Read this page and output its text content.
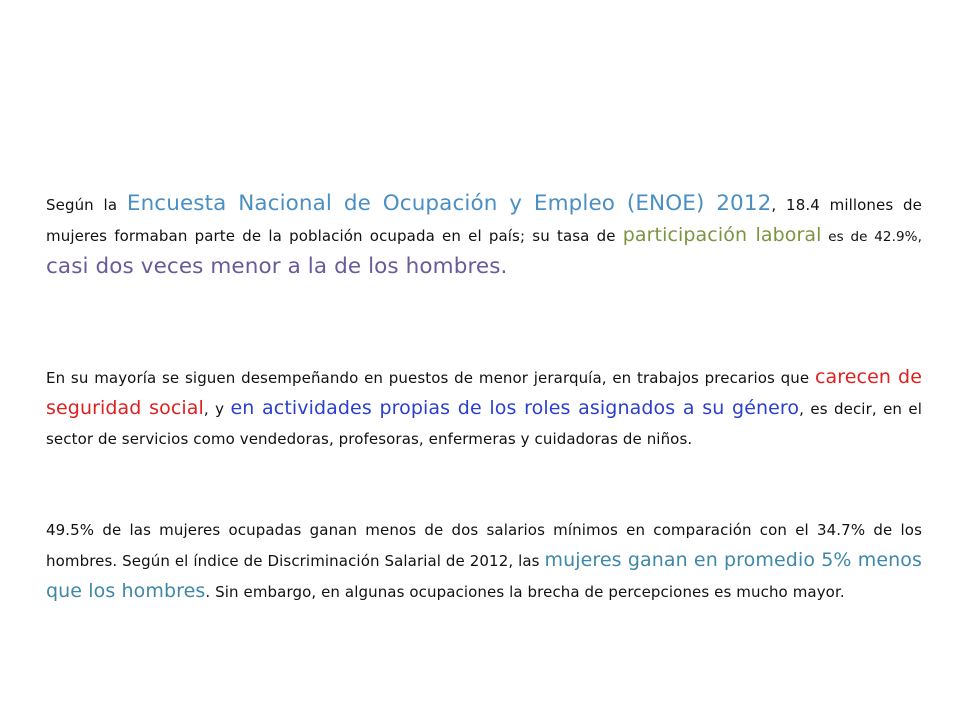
Según la Encuesta Nacional de Ocupación y Empleo (ENOE) 2012, 18.4 millones de mujeres formaban parte de la población ocupada en el país; su tasa de participación laboral es de 42.9%, casi dos veces menor a la de los hombres.

En su mayoría se siguen desempeñando en puestos de menor jerarquía, en trabajos precarios que carecen de seguridad social, y en actividades propias de los roles asignados a su género, es decir, en el sector de servicios como vendedoras, profesoras, enfermeras y cuidadoras de niños.

49.5% de las mujeres ocupadas ganan menos de dos salarios mínimos en comparación con el 34.7% de los hombres. Según el índice de Discriminación Salarial de 2012, las mujeres ganan en promedio 5% menos que los hombres. Sin embargo, en algunas ocupaciones la brecha de percepciones es mucho mayor.
